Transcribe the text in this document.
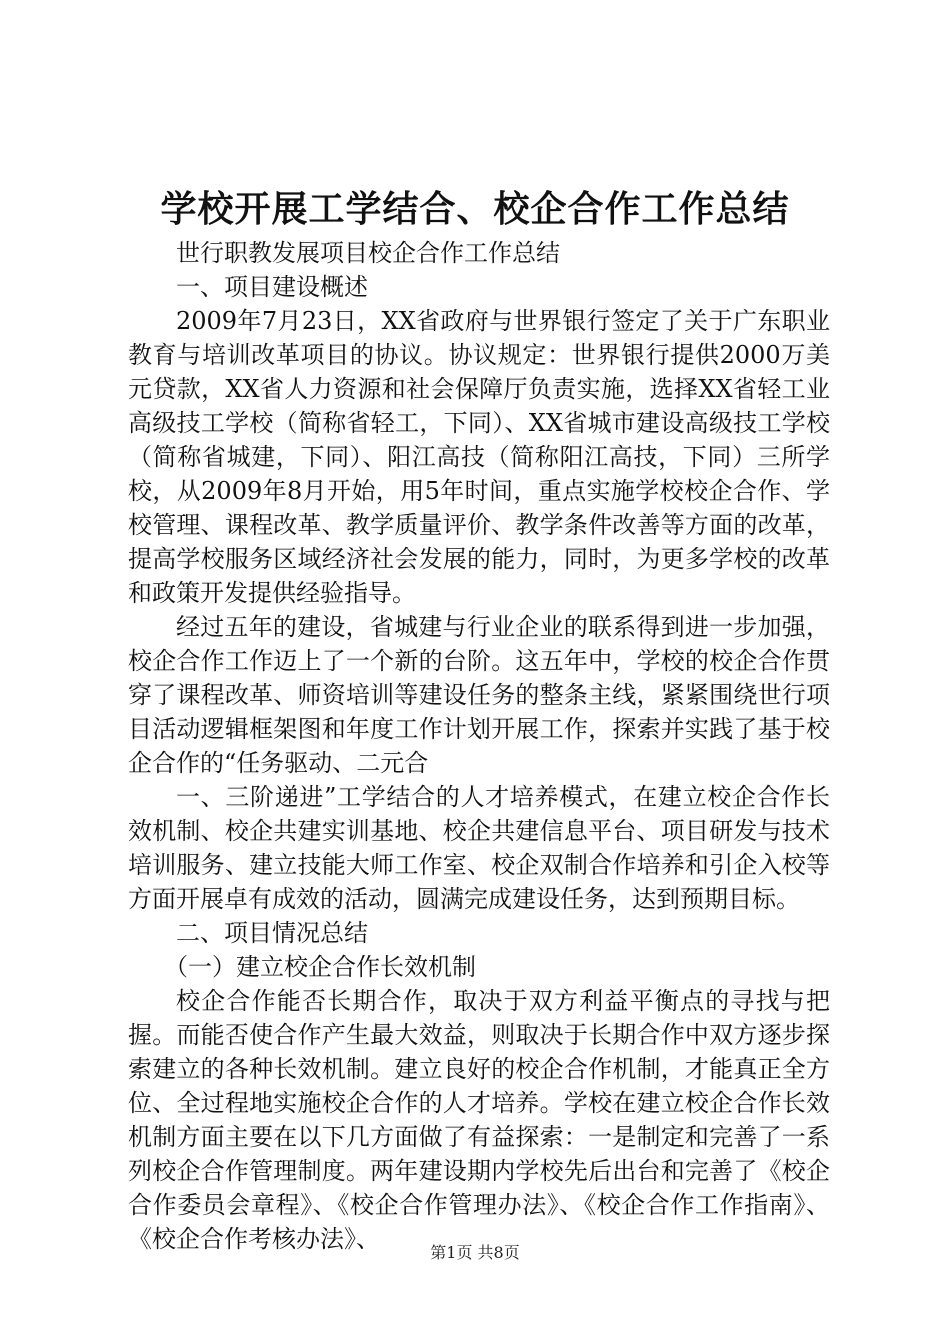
学校开展工学结合、校企合作工作总结

世行职教发展项目校企合作工作总结

一、项目建设概述

2009年7月23日，XX省政府与世界银行签定了关于广东职业教育与培训改革项目的协议。协议规定：世界银行提供2000万美元贷款，XX省人力资源和社会保障厅负责实施，选择XX省轻工业高级技工学校（简称省轻工，下同）、XX省城市建设高级技工学校（简称省城建，下同）、阳江高技（简称阳江高技，下同）三所学校，从2009年8月开始，用5年时间，重点实施学校校企合作、学校管理、课程改革、教学质量评价、教学条件改善等方面的改革，提高学校服务区域经济社会发展的能力，同时，为更多学校的改革和政策开发提供经验指导。

经过五年的建设，省城建与行业企业的联系得到进一步加强，校企合作工作迈上了一个新的台阶。这五年中，学校的校企合作贯穿了课程改革、师资培训等建设任务的整条主线，紧紧围绕世行项目活动逻辑框架图和年度工作计划开展工作，探索并实践了基于校企合作的“任务驱动、二元合

一、三阶递进”工学结合的人才培养模式，在建立校企合作长效机制、校企共建实训基地、校企共建信息平台、项目研发与技术培训服务、建立技能大师工作室、校企双制合作培养和引企入校等方面开展卓有成效的活动，圆满完成建设任务，达到预期目标。

二、项目情况总结

（一）建立校企合作长效机制

校企合作能否长期合作，取决于双方利益平衡点的寻找与把握。而能否使合作产生最大效益，则取决于长期合作中双方逐步探索建立的各种长效机制。建立良好的校企合作机制，才能真正全方位、全过程地实施校企合作的人才培养。学校在建立校企合作长效机制方面主要在以下几方面做了有益探索：一是制定和完善了一系列校企合作管理制度。两年建设期内学校先后出台和完善了《校企合作委员会章程》、《校企合作管理办法》、《校企合作工作指南》、《校企合作考核办法》、	第1页 共8页
